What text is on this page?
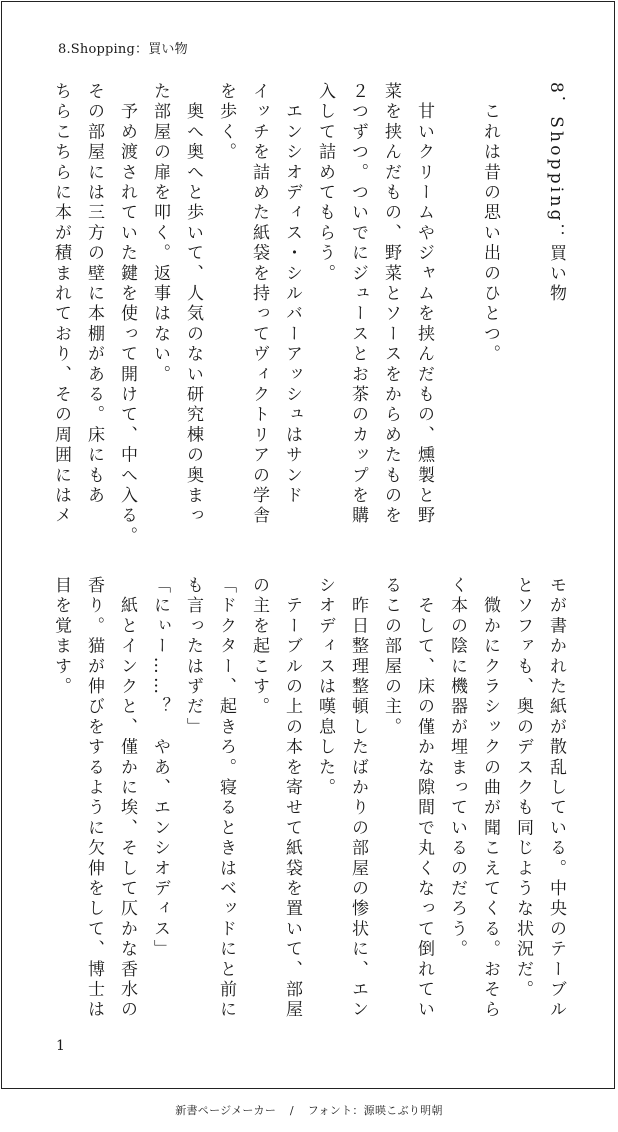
8.Shopping：買い物
8．Shopping：買い物
　これは昔の思い出のひとつ。
　甘いクリームやジャムを挟んだもの、燻製と野
菜を挟んだもの、野菜とソースをからめたものを
２つずつ。ついでにジュースとお茶のカップを購
入して詰めてもらう。
　エンシオディス・シルバーアッシュはサンド
イッチを詰めた紙袋を持ってヴィクトリアの学舎
を歩く。
　奥へ奥へと歩いて、人気のない研究棟の奥まっ
た部屋の扉を叩く。返事はない。
　予め渡されていた鍵を使って開けて、中へ入る。
その部屋には三方の壁に本棚がある。床にもあ
ちらこちらに本が積まれており、その周囲にはメ
モが書かれた紙が散乱している。中央のテーブル
とソファも、奥のデスクも同じような状況だ。
　微かにクラシックの曲が聞こえてくる。おそら
く本の陰に機器が埋まっているのだろう。
　そして、床の僅かな隙間で丸くなって倒れてい
るこの部屋の主。
　昨日整理整頓したばかりの部屋の惨状に、エン
シオディスは嘆息した。
　テーブルの上の本を寄せて紙袋を置いて、部屋
の主を起こす。
「ドクター、起きろ。寝るときはベッドにと前に
も言ったはずだ」
「にぃー……？　やあ、エンシオディス」
　紙とインクと、僅かに埃、そして仄かな香水の
香り。猫が伸びをするように欠伸をして、博士は
目を覚ます。
1
新書ページメーカー / フォント：源暎こぶり明朝
